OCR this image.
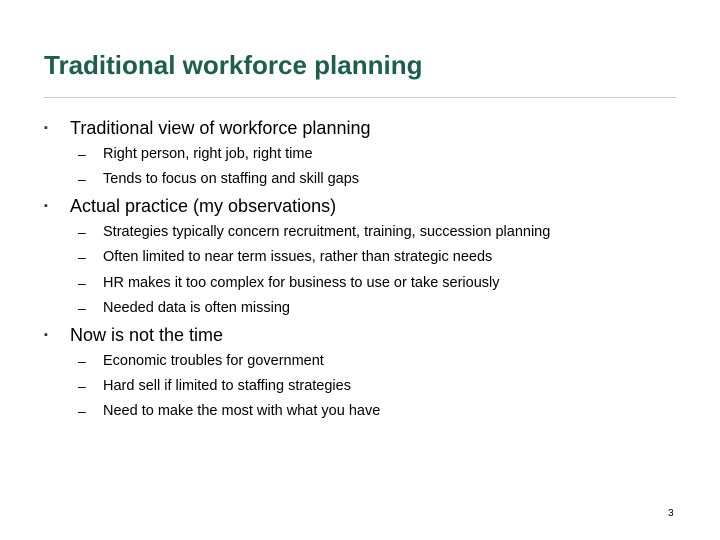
Traditional workforce planning
▪ Traditional view of workforce planning
– Right person, right job, right time
– Tends to focus on staffing and skill gaps
▪ Actual practice (my observations)
– Strategies typically concern recruitment, training, succession planning
– Often limited to near term issues, rather than strategic needs
– HR makes it too complex for business to use or take seriously
– Needed data is often missing
▪ Now is not the time
– Economic troubles for government
– Hard sell if limited to staffing strategies
– Need to make the most with what you have
3
